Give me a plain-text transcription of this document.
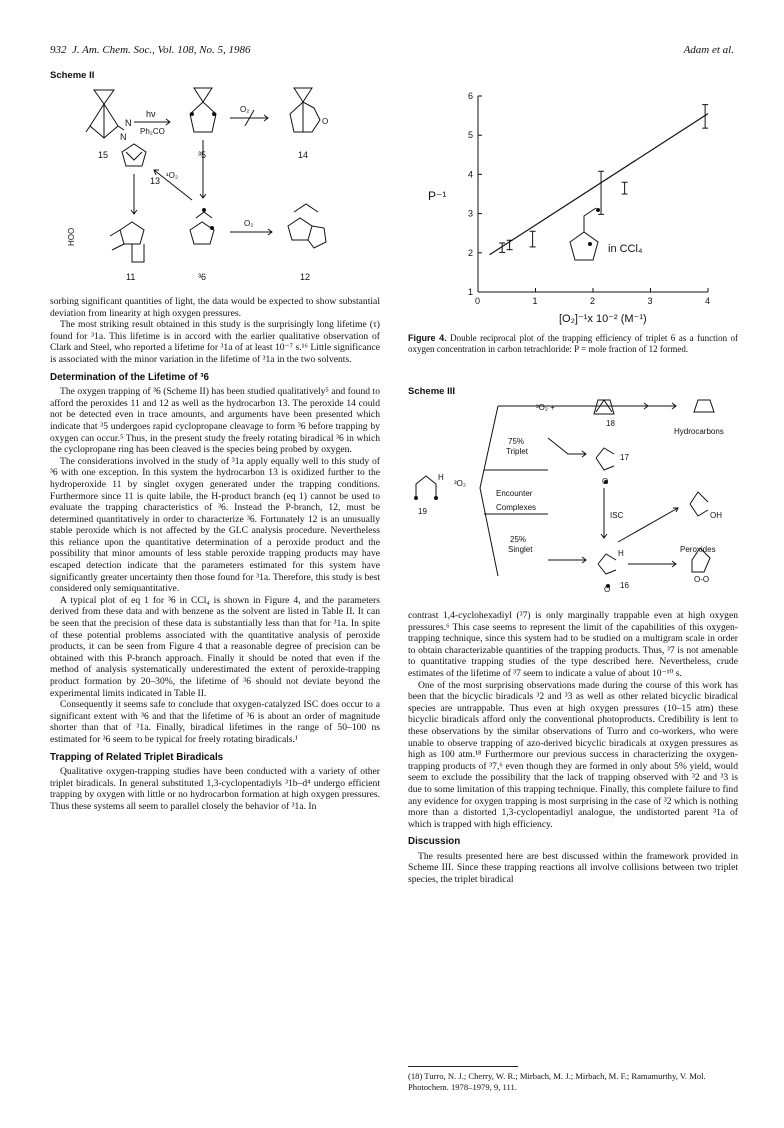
932 J. Am. Chem. Soc., Vol. 108, No. 5, 1986	Adam et al.
Scheme II
N
N
hν
Ph₂CO
O₂
¹O₂
O₂
HOO
O
15	³5	14
13
11	³6	12

sorbing significant quantities of light, the data would be expected to show substantial deviation from linearity at high oxygen pressures.

The most striking result obtained in this study is the surprisingly long lifetime (τ) found for ³1a. This lifetime is in accord with the earlier qualitative observation of Clark and Steel, who reported a lifetime for ³1a of at least 10⁻⁷ s.¹⁶ Little significance is associated with the minor variation in the lifetime of ³1a in the two solvents.

Determination of the Lifetime of ³6

The oxygen trapping of ³6 (Scheme II) has been studied qualitatively⁵ and found to afford the peroxides 11 and 12 as well as the hydrocarbon 13. The peroxide 14 could not be detected even in trace amounts, and arguments have been presented which indicate that ³5 undergoes rapid cyclopropane cleavage to form ³6 before trapping by oxygen can occur.⁵ Thus, in the present study the freely rotating biradical ³6 in which the cyclopropane ring has been cleaved is the species being probed by oxygen.

The considerations involved in the study of ³1a apply equally well to this study of ³6 with one exception. In this system the hydrocarbon 13 is oxidized further to the hydroperoxide 11 by singlet oxygen generated under the trapping conditions. Furthermore since 11 is quite labile, the H-product branch (eq 1) cannot be used to evaluate the trapping characteristics of ³6. Instead the P-branch, 12, must be determined quantitatively in order to characterize ³6. Fortunately 12 is an unusually stable peroxide which is not affected by the GLC analysis procedure. Nevertheless this reliance upon the quantitative determination of a peroxide product and the possibility that minor amounts of less stable peroxide trapping products may have escaped detection indicate that the parameters estimated for this system have significantly greater uncertainty then those found for ³1a. Therefore, this study is best considered only semiquantitative.

A typical plot of eq 1 for ³6 in CCl₄ is shown in Figure 4, and the parameters derived from these data and with benzene as the solvent are listed in Table II. It can be seen that the precision of these data is substantially less than that for ³1a. In spite of these potential problems associated with the quantitative analysis of peroxide products, it can be seen from Figure 4 that a reasonable degree of precision can be obtained with this P-branch approach. Finally it should be noted that even if the method of analysis systematically underestimated the extent of peroxide-trapping product formation by 20–30%, the lifetime of ³6 should not deviate beyond the experimental limits indicated in Table II.

Consequently it seems safe to conclude that oxygen-catalyzed ISC does occur to a significant extent with ³6 and that the lifetime of ³6 is about an order of magnitude shorter than that of ³1a. Finally, biradical lifetimes in the range of 50–100 ns estimated for ³6 seem to be typical for freely rotating biradicals.¹

Trapping of Related Triplet Biradicals

Qualitative oxygen-trapping studies have been conducted with a variety of other triplet biradicals. In general substituted 1,3-cyclopentadiyls ³1b–d⁴ undergo efficient trapping by oxygen with little or no hydrocarbon formation at high oxygen pressures. Thus these systems all seem to parallel closely the behavior of ³1a. In

0	1	2	3	4
1
2
3
4
5
6
P⁻¹
[O₂]⁻¹x 10⁻² (M⁻¹)
in CCl₄
Figure 4. Double reciprocal plot of the trapping efficiency of triplet 6 as a function of oxygen concentration in carbon tetrachloride: P = mole fraction of 12 formed.
Scheme III
³O₂ +
Hydrocarbons
75%
Triplet
Encounter
Complexes
25%
Singlet
ISC
Peroxides
³O₂
H
H
OH
O-O
O
O
18
17
19
16

contrast 1,4-cyclohexadiyl (³7) is only marginally trappable even at high oxygen pressures.⁶ This case seems to represent the limit of the capabilities of this oxygen-trapping technique, since this system had to be studied on a multigram scale in order to obtain characterizable quantities of the trapping products. Thus, ³7 is not amenable to quantitative trapping studies of the type described here. Nevertheless, crude estimates of the lifetime of ³7 seem to indicate a value of about 10⁻¹⁰ s.

One of the most surprising observations made during the course of this work has been that the bicyclic biradicals ³2 and ³3 as well as other related bicyclic biradical species are untrappable. Thus even at high oxygen pressures (10–15 atm) these bicyclic biradicals afford only the conventional photoproducts. Credibility is lent to these observations by the similar observations of Turro and co-workers, who were unable to observe trapping of azo-derived bicyclic biradicals at oxygen pressures as high as 100 atm.¹⁸ Furthermore our previous success in characterizing the oxygen-trapping products of ³7,⁶ even though they are formed in only about 5% yield, would seem to exclude the possibility that the lack of trapping observed with ³2 and ³3 is due to some limitation of this trapping technique. Finally, this complete failure to find any evidence for oxygen trapping is most surprising in the case of ³2 which is nothing more than a distorted 1,3-cyclopentadiyl analogue, the undistorted parent ³1a of which is trapped with high efficiency.

Discussion

The results presented here are best discussed within the framework provided in Scheme III. Since these trapping reactions all involve collisions between two triplet species, the triplet biradical

(18) Turro, N. J.; Cherry, W. R.; Mirbach, M. J.; Mirbach, M. F.; Ramamurthy, V. Mol. Photochem. 1978–1979, 9, 111.
